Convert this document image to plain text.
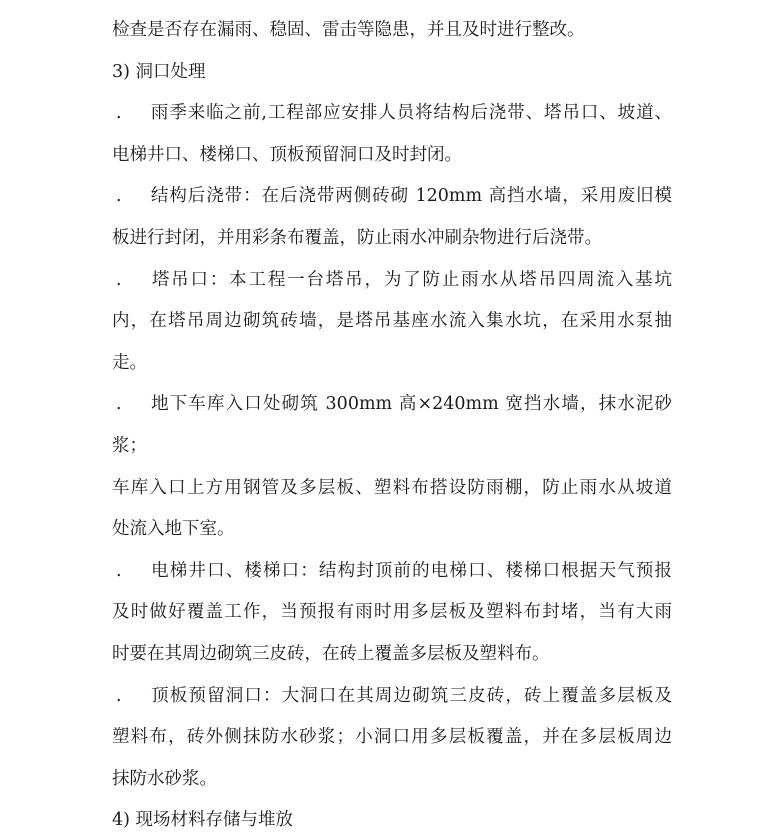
检查是否存在漏雨、稳固、雷击等隐患，并且及时进行整改。
3) 洞口处理
. 雨季来临之前,工程部应安排人员将结构后浇带、塔吊口、坡道、
电梯井口、楼梯口、顶板预留洞口及时封闭。
. 结构后浇带：在后浇带两侧砖砌 120mm 高挡水墙，采用废旧模
板进行封闭，并用彩条布覆盖，防止雨水冲刷杂物进行后浇带。
. 塔吊口：本工程一台塔吊，为了防止雨水从塔吊四周流入基坑
内，在塔吊周边砌筑砖墙，是塔吊基座水流入集水坑，在采用水泵抽
走。
. 地下车库入口处砌筑 300mm 高×240mm 宽挡水墙，抹水泥砂
浆；
车库入口上方用钢管及多层板、塑料布搭设防雨棚，防止雨水从坡道
处流入地下室。
. 电梯井口、楼梯口：结构封顶前的电梯口、楼梯口根据天气预报
及时做好覆盖工作，当预报有雨时用多层板及塑料布封堵，当有大雨
时要在其周边砌筑三皮砖，在砖上覆盖多层板及塑料布。
. 顶板预留洞口：大洞口在其周边砌筑三皮砖，砖上覆盖多层板及
塑料布，砖外侧抹防水砂浆；小洞口用多层板覆盖，并在多层板周边
抹防水砂浆。
4) 现场材料存储与堆放
